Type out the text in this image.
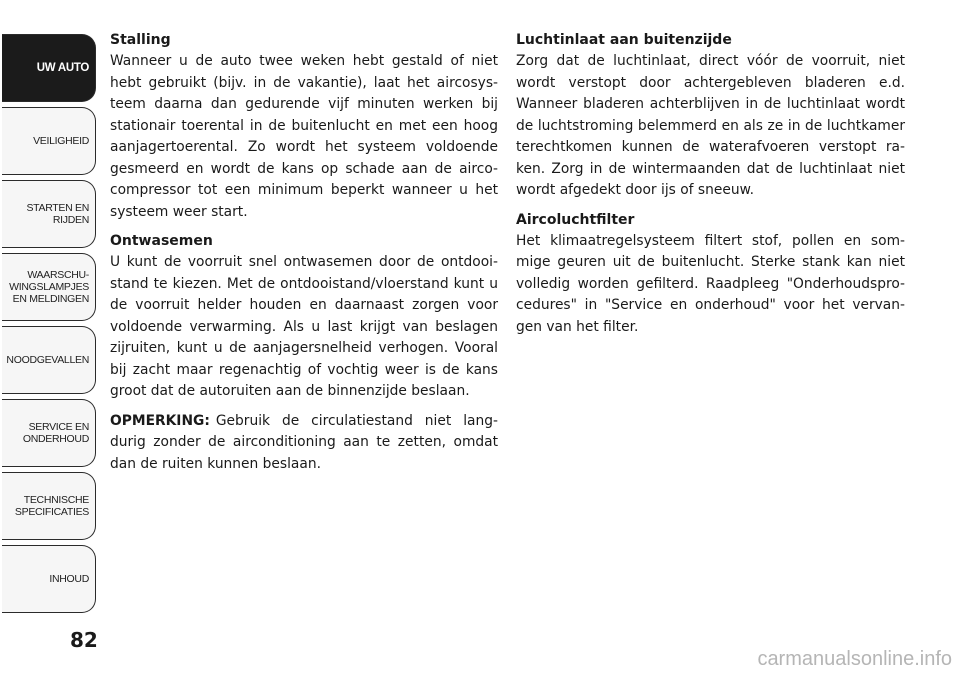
UW AUTO
VEILIGHEID
STARTEN EN
RIJDEN
WAARSCHU-
WINGSLAMPJES
EN MELDINGEN
NOODGEVALLEN
SERVICE EN
ONDERHOUD
TECHNISCHE
SPECIFICATIES
INHOUD
82
Stalling

Wanneer u de auto twee weken hebt gestald of niet hebt gebruikt (bijv. in de vakantie), laat het aircosys-teem daarna dan gedurende vijf minuten werken bij stationair toerental in de buitenlucht en met een hoog aanjagertoerental. Zo wordt het systeem voldoende gesmeerd en wordt de kans op schade aan de airco-compressor tot een minimum beperkt wanneer u het systeem weer start.

Ontwasemen

U kunt de voorruit snel ontwasemen door de ontdooi-stand te kiezen. Met de ontdooistand/vloerstand kunt u de voorruit helder houden en daarnaast zorgen voor voldoende verwarming. Als u last krijgt van beslagen zijruiten, kunt u de aanjagersnelheid verhogen. Vooral bij zacht maar regenachtig of vochtig weer is de kans groot dat de autoruiten aan de binnenzijde beslaan.

OPMERKING: Gebruik de circulatiestand niet lang-durig zonder de airconditioning aan te zetten, omdat dan de ruiten kunnen beslaan.

Luchtinlaat aan buitenzijde

Zorg dat de luchtinlaat, direct vóór de voorruit, niet wordt verstopt door achtergebleven bladeren e.d. Wanneer bladeren achterblijven in de luchtinlaat wordt de luchtstroming belemmerd en als ze in de luchtkamer terechtkomen kunnen de waterafvoeren verstopt ra-ken. Zorg in de wintermaanden dat de luchtinlaat niet wordt afgedekt door ijs of sneeuw.

Aircoluchtfilter

Het klimaatregelsysteem filtert stof, pollen en som-mige geuren uit de buitenlucht. Sterke stank kan niet volledig worden gefilterd. Raadpleeg "Onderhoudspro-cedures" in "Service en onderhoud" voor het vervan-gen van het filter.

carmanualsonline.info
